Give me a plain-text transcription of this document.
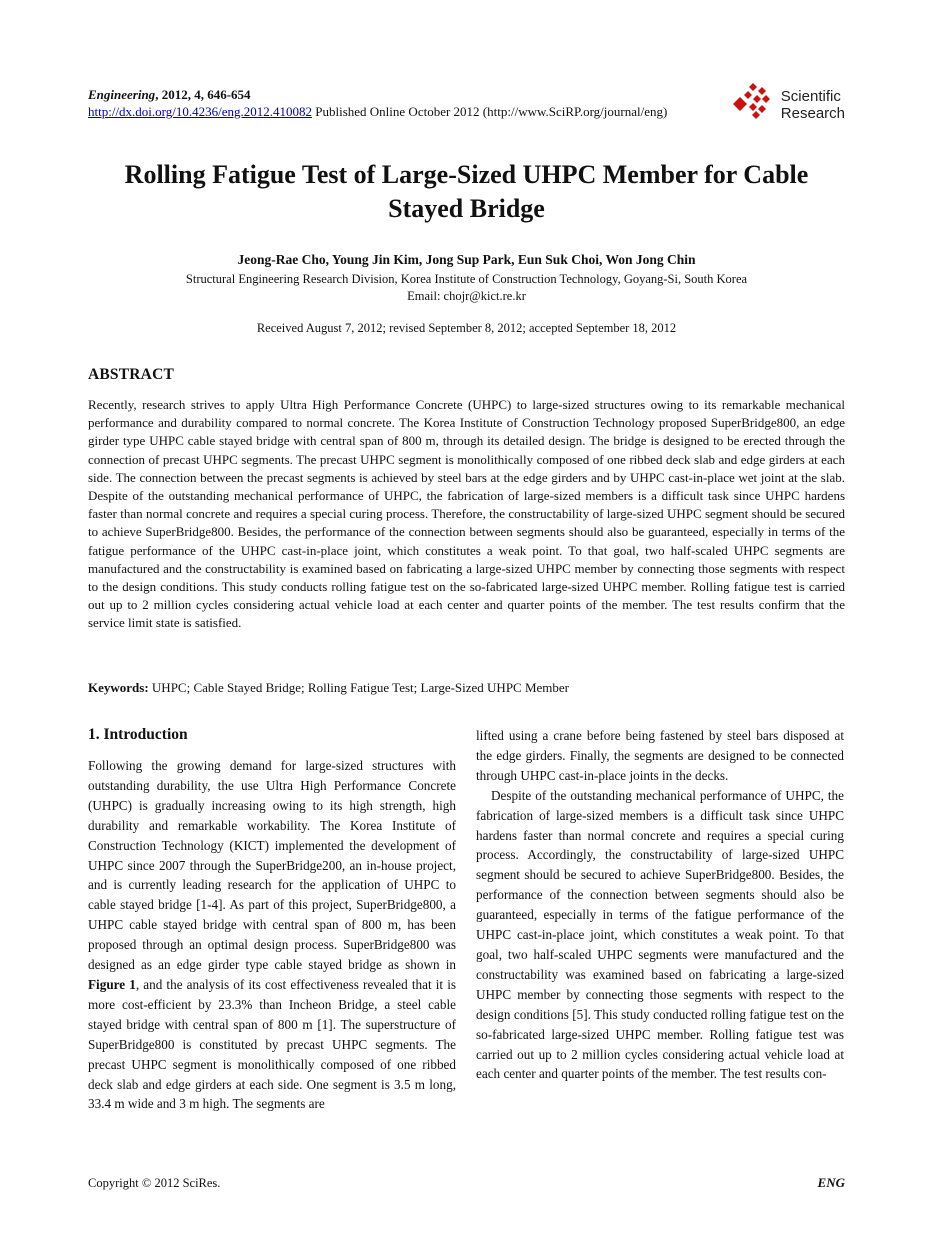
Engineering, 2012, 4, 646-654
http://dx.doi.org/10.4236/eng.2012.410082 Published Online October 2012 (http://www.SciRP.org/journal/eng)
Scientific
Research
Rolling Fatigue Test of Large-Sized UHPC Member for Cable Stayed Bridge
Jeong-Rae Cho, Young Jin Kim, Jong Sup Park, Eun Suk Choi, Won Jong Chin
Structural Engineering Research Division, Korea Institute of Construction Technology, Goyang-Si, South Korea
Email: chojr@kict.re.kr
Received August 7, 2012; revised September 8, 2012; accepted September 18, 2012
ABSTRACT
Recently, research strives to apply Ultra High Performance Concrete (UHPC) to large-sized structures owing to its remarkable mechanical performance and durability compared to normal concrete. The Korea Institute of Construction Technology proposed SuperBridge800, an edge girder type UHPC cable stayed bridge with central span of 800 m, through its detailed design. The bridge is designed to be erected through the connection of precast UHPC segments. The precast UHPC segment is monolithically composed of one ribbed deck slab and edge girders at each side. The connection between the precast segments is achieved by steel bars at the edge girders and by UHPC cast-in-place wet joint at the slab. Despite of the outstanding mechanical performance of UHPC, the fabrication of large-sized members is a difficult task since UHPC hardens faster than normal concrete and requires a special curing process. Therefore, the constructability of large-sized UHPC segment should be secured to achieve SuperBridge800. Besides, the performance of the connection between segments should also be guaranteed, especially in terms of the fatigue performance of the UHPC cast-in-place joint, which constitutes a weak point. To that goal, two half-scaled UHPC segments are manufactured and the constructability is examined based on fabricating a large-sized UHPC member by connecting those segments with respect to the design conditions. This study conducts rolling fatigue test on the so-fabricated large-sized UHPC member. Rolling fatigue test is carried out up to 2 million cycles considering actual vehicle load at each center and quarter points of the member. The test results confirm that the service limit state is satisfied.
Keywords: UHPC; Cable Stayed Bridge; Rolling Fatigue Test; Large-Sized UHPC Member
1. Introduction

Following the growing demand for large-sized structures with outstanding durability, the use Ultra High Performance Concrete (UHPC) is gradually increasing owing to its high strength, high durability and remarkable workability. The Korea Institute of Construction Technology (KICT) implemented the development of UHPC since 2007 through the SuperBridge200, an in-house project, and is currently leading research for the application of UHPC to cable stayed bridge [1-4]. As part of this project, SuperBridge800, a UHPC cable stayed bridge with central span of 800 m, has been proposed through an optimal design process. SuperBridge800 was designed as an edge girder type cable stayed bridge as shown in Figure 1, and the analysis of its cost effectiveness revealed that it is more cost-efficient by 23.3% than Incheon Bridge, a steel cable stayed bridge with central span of 800 m [1]. The superstructure of SuperBridge800 is constituted by precast UHPC segments. The precast UHPC segment is monolithically composed of one ribbed deck slab and edge girders at each side. One segment is 3.5 m long, 33.4 m wide and 3 m high. The segments are

lifted using a crane before being fastened by steel bars disposed at the edge girders. Finally, the segments are designed to be connected through UHPC cast-in-place joints in the decks.

Despite of the outstanding mechanical performance of UHPC, the fabrication of large-sized members is a difficult task since UHPC hardens faster than normal concrete and requires a special curing process. Accordingly, the constructability of large-sized UHPC segment should be secured to achieve SuperBridge800. Besides, the performance of the connection between segments should also be guaranteed, especially in terms of the fatigue performance of the UHPC cast-in-place joint, which constitutes a weak point. To that goal, two half-scaled UHPC segments were manufactured and the constructability was examined based on fabricating a large-sized UHPC member by connecting those segments with respect to the design conditions [5]. This study conducted rolling fatigue test on the so-fabricated large-sized UHPC member. Rolling fatigue test was carried out up to 2 million cycles considering actual vehicle load at each center and quarter points of the member. The test results con-

Copyright © 2012 SciRes.	ENG
